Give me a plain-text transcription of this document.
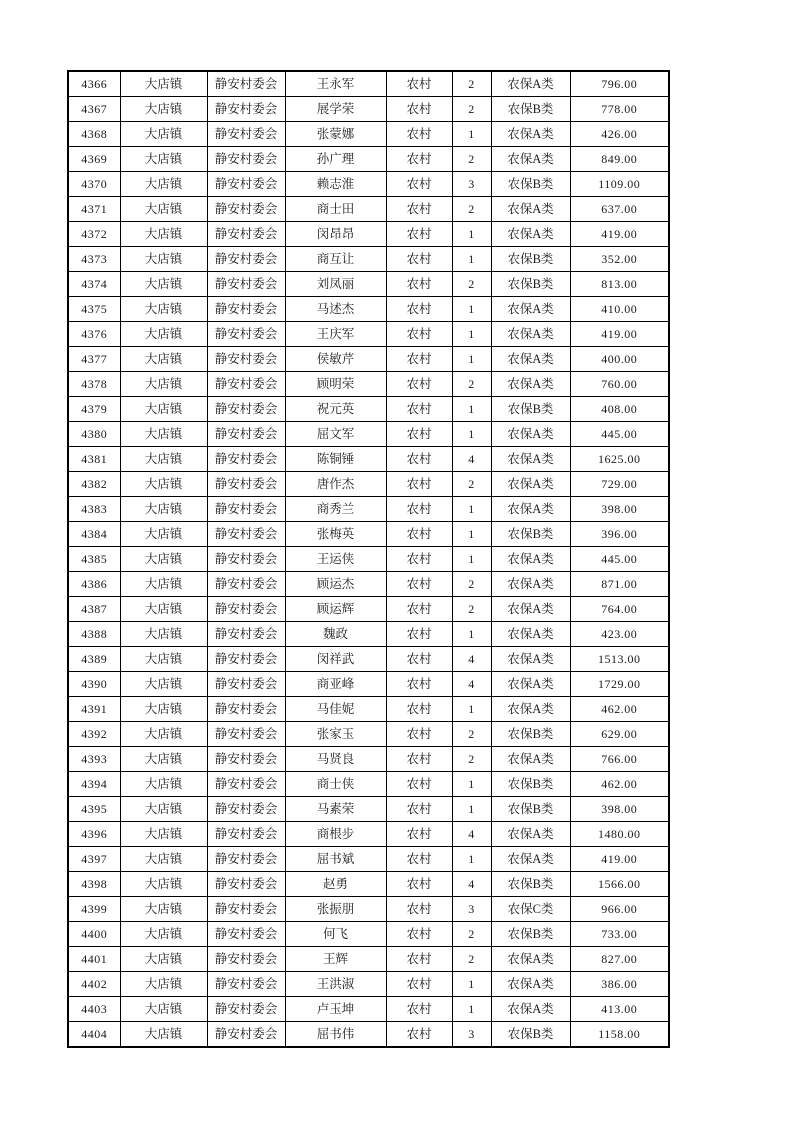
4366	大店镇	静安村委会	王永军	农村	2	农保A类	796.00
4367	大店镇	静安村委会	展学荣	农村	2	农保B类	778.00
4368	大店镇	静安村委会	张蒙娜	农村	1	农保A类	426.00
4369	大店镇	静安村委会	孙广理	农村	2	农保A类	849.00
4370	大店镇	静安村委会	赖志淮	农村	3	农保B类	1109.00
4371	大店镇	静安村委会	商士田	农村	2	农保A类	637.00
4372	大店镇	静安村委会	闵昂昂	农村	1	农保A类	419.00
4373	大店镇	静安村委会	商互让	农村	1	农保B类	352.00
4374	大店镇	静安村委会	刘凤丽	农村	2	农保B类	813.00
4375	大店镇	静安村委会	马述杰	农村	1	农保A类	410.00
4376	大店镇	静安村委会	王庆军	农村	1	农保A类	419.00
4377	大店镇	静安村委会	侯敏芹	农村	1	农保A类	400.00
4378	大店镇	静安村委会	顾明荣	农村	2	农保A类	760.00
4379	大店镇	静安村委会	祝元英	农村	1	农保B类	408.00
4380	大店镇	静安村委会	屈文军	农村	1	农保A类	445.00
4381	大店镇	静安村委会	陈铜锤	农村	4	农保A类	1625.00
4382	大店镇	静安村委会	唐作杰	农村	2	农保A类	729.00
4383	大店镇	静安村委会	商秀兰	农村	1	农保A类	398.00
4384	大店镇	静安村委会	张梅英	农村	1	农保B类	396.00
4385	大店镇	静安村委会	王运侠	农村	1	农保A类	445.00
4386	大店镇	静安村委会	顾运杰	农村	2	农保A类	871.00
4387	大店镇	静安村委会	顾运辉	农村	2	农保A类	764.00
4388	大店镇	静安村委会	魏政	农村	1	农保A类	423.00
4389	大店镇	静安村委会	闵祥武	农村	4	农保A类	1513.00
4390	大店镇	静安村委会	商亚峰	农村	4	农保A类	1729.00
4391	大店镇	静安村委会	马佳妮	农村	1	农保A类	462.00
4392	大店镇	静安村委会	张家玉	农村	2	农保B类	629.00
4393	大店镇	静安村委会	马贤良	农村	2	农保A类	766.00
4394	大店镇	静安村委会	商士侠	农村	1	农保B类	462.00
4395	大店镇	静安村委会	马素荣	农村	1	农保B类	398.00
4396	大店镇	静安村委会	商根步	农村	4	农保A类	1480.00
4397	大店镇	静安村委会	屈书斌	农村	1	农保A类	419.00
4398	大店镇	静安村委会	赵勇	农村	4	农保B类	1566.00
4399	大店镇	静安村委会	张振朋	农村	3	农保C类	966.00
4400	大店镇	静安村委会	何飞	农村	2	农保B类	733.00
4401	大店镇	静安村委会	王辉	农村	2	农保A类	827.00
4402	大店镇	静安村委会	王洪淑	农村	1	农保A类	386.00
4403	大店镇	静安村委会	卢玉坤	农村	1	农保A类	413.00
4404	大店镇	静安村委会	屈书伟	农村	3	农保B类	1158.00
